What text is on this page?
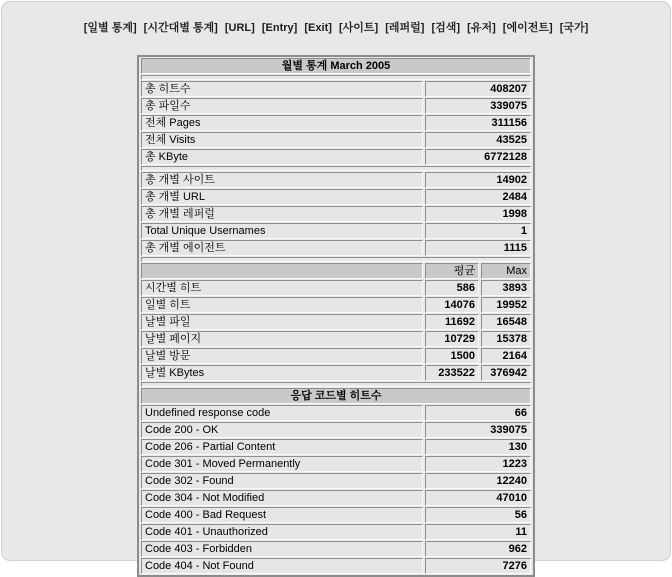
[일별 통계] [시간대별 통계] [URL] [Entry] [Exit] [사이트] [레퍼럴] [검색] [유저] [에이전트] [국가]
월별 통계 March 2005		

총 히트수	408207	
총 파일수	339075	
전체 Pages	311156	
전체 Visits	43525	
총 KByte	6772128	

총 개별 사이트	14902	
총 개별 URL	2484	
총 개별 레퍼럴	1998	
Total Unique Usernames	1	
총 개별 에이전트	1115	

	평균	Max
시간별 히트	586	3893
일별 히트	14076	19952
날별 파일	11692	16548
날별 페이지	10729	15378
날별 방문	1500	2164
날별 KBytes	233522	376942

응답 코드별 히트수		
Undefined response code	66	
Code 200 - OK	339075	
Code 206 - Partial Content	130	
Code 301 - Moved Permanently	1223	
Code 302 - Found	12240	
Code 304 - Not Modified	47010	
Code 400 - Bad Request	56	
Code 401 - Unauthorized	11	
Code 403 - Forbidden	962	
Code 404 - Not Found	7276	
